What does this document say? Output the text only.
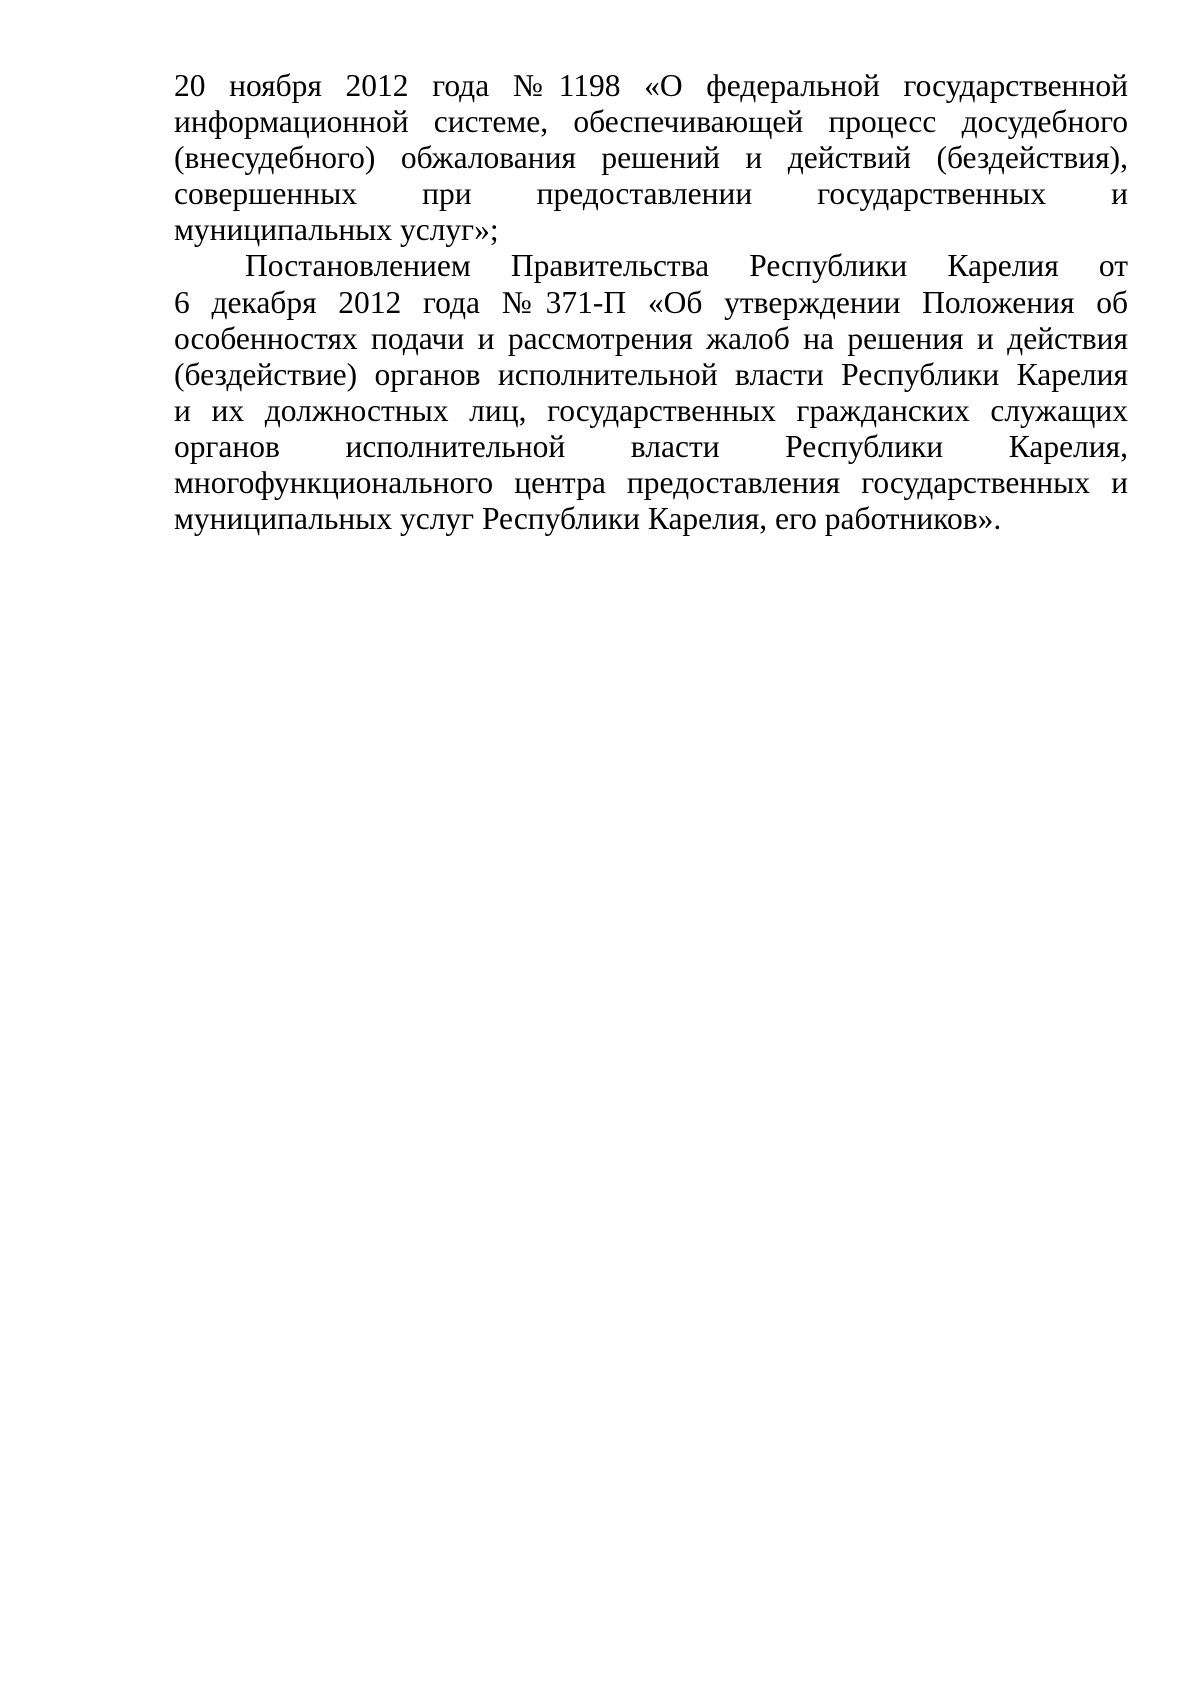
20 ноября 2012 года №1198 «О федеральной государственной
информационной системе, обеспечивающей процесс досудебного
(внесудебного) обжалования решений и действий (бездействия),
совершенных при предоставлении государственных и
муниципальных услуг»;

Постановлением Правительства Республики Карелия от
6 декабря 2012 года №371-П «Об утверждении Положения об
особенностях подачи и рассмотрения жалоб на решения и действия
(бездействие) органов исполнительной власти Республики Карелия
и их должностных лиц, государственных гражданских служащих
органов исполнительной власти Республики Карелия,
многофункционального центра предоставления государственных и
муниципальных услуг Республики Карелия, его работников».
